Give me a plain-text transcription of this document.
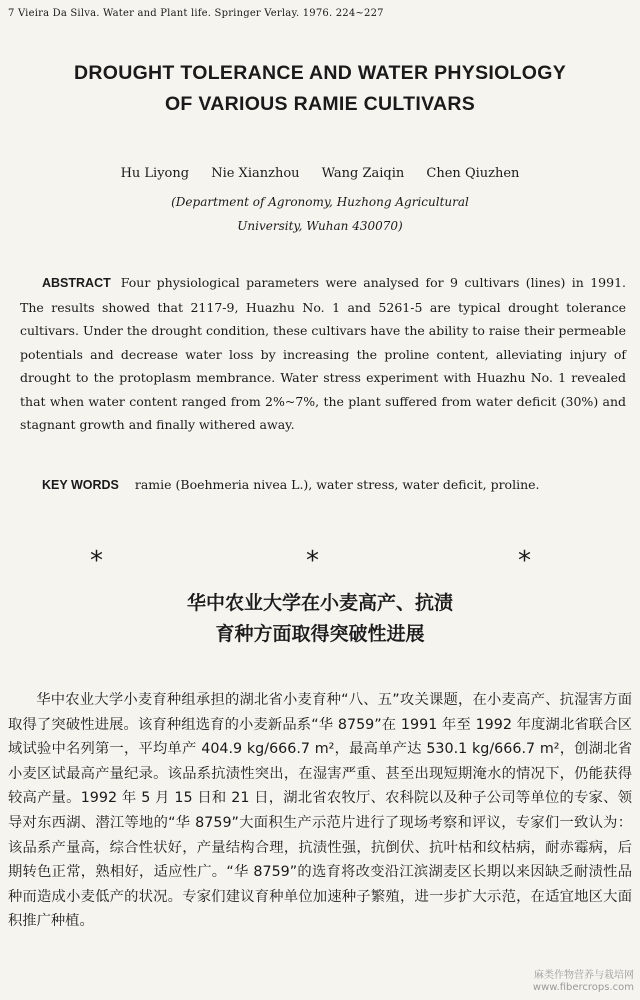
7 Vieira Da Silva. Water and Plant life. Springer Verlay. 1976. 224~227
DROUGHT TOLERANCE AND WATER PHYSIOLOGY
OF VARIOUS RAMIE CULTIVARS
Hu Liyong Nie Xianzhou Wang Zaiqin Chen Qiuzhen
(Department of Agronomy, Huzhong Agricultural
University, Wuhan 430070)
ABSTRACT Four physiological parameters were analysed for 9 cultivars (lines) in 1991. The results showed that 2117-9, Huazhu No. 1 and 5261-5 are typical drought tolerance cultivars. Under the drought condition, these cultivars have the ability to raise their permeable potentials and decrease water loss by increasing the proline content, alleviating injury of drought to the protoplasm membrance. Water stress experiment with Huazhu No. 1 revealed that when water content ranged from 2%~7%, the plant suffered from water deficit (30%) and stagnant growth and finally withered away.
KEY WORDS ramie (Boehmeria nivea L.), water stress, water deficit, proline.
*	*	*
华中农业大学在小麦高产、抗渍
育种方面取得突破性进展
华中农业大学小麦育种组承担的湖北省小麦育种“八、五”攻关课题，在小麦高产、抗湿害方面取得了突破性进展。该育种组选育的小麦新品系“华 8759”在 1991 年至 1992 年度湖北省联合区域试验中名列第一，平均单产 404.9 kg/666.7 m²，最高单产达 530.1 kg/666.7 m²，创湖北省小麦区试最高产量纪录。该品系抗渍性突出，在湿害严重、甚至出现短期淹水的情况下，仍能获得较高产量。1992 年 5 月 15 日和 21 日，湖北省农牧厅、农科院以及种子公司等单位的专家、领导对东西湖、潜江等地的“华 8759”大面积生产示范片进行了现场考察和评议，专家们一致认为：该品系产量高，综合性状好，产量结构合理，抗渍性强，抗倒伏、抗叶枯和纹枯病，耐赤霉病，后期转色正常，熟相好，适应性广。“华 8759”的选育将改变沿江滨湖麦区长期以来因缺乏耐渍性品种而造成小麦低产的状况。专家们建议育种单位加速种子繁殖，进一步扩大示范，在适宜地区大面积推广种植。
麻类作物营养与栽培网
www.fibercrops.com
